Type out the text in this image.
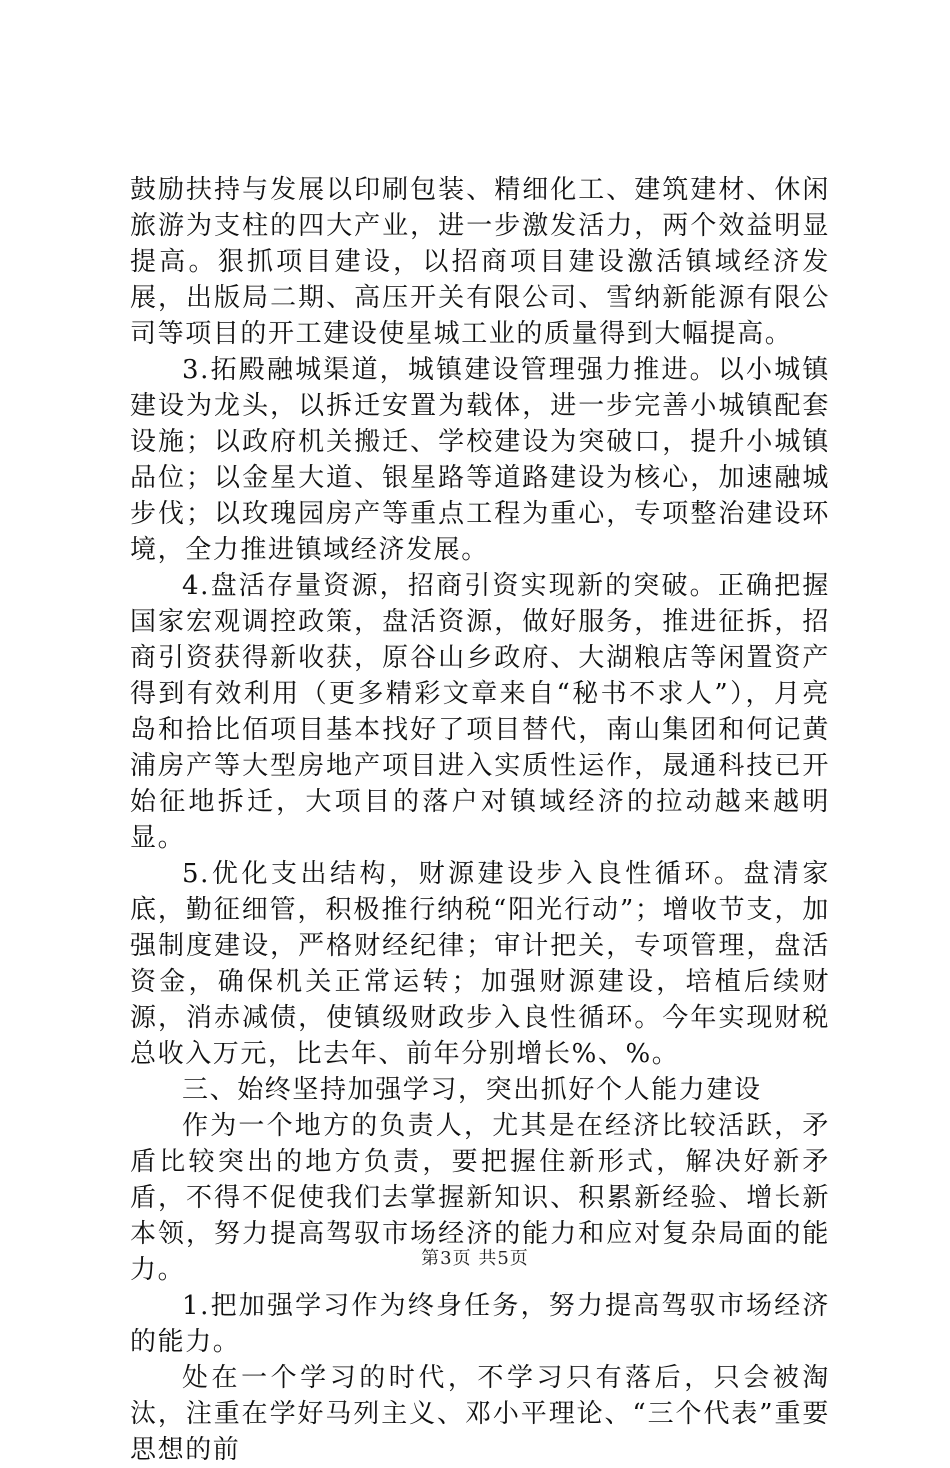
鼓励扶持与发展以印刷包装、精细化工、建筑建材、休闲旅游为支柱的四大产业，进一步激发活力，两个效益明显提高。狠抓项目建设，以招商项目建设激活镇域经济发展，出版局二期、高压开关有限公司、雪纳新能源有限公司等项目的开工建设使星城工业的质量得到大幅提高。

3.拓殿融城渠道，城镇建设管理强力推进。以小城镇建设为龙头，以拆迁安置为载体，进一步完善小城镇配套设施；以政府机关搬迁、学校建设为突破口，提升小城镇品位；以金星大道、银星路等道路建设为核心，加速融城步伐；以玫瑰园房产等重点工程为重心，专项整治建设环境，全力推进镇域经济发展。

4.盘活存量资源，招商引资实现新的突破。正确把握国家宏观调控政策，盘活资源，做好服务，推进征拆，招商引资获得新收获，原谷山乡政府、大湖粮店等闲置资产得到有效利用（更多精彩文章来自“秘书不求人”），月亮岛和拾比佰项目基本找好了项目替代，南山集团和何记黄浦房产等大型房地产项目进入实质性运作，晟通科技已开始征地拆迁，大项目的落户对镇域经济的拉动越来越明显。

5.优化支出结构，财源建设步入良性循环。盘清家底，勤征细管，积极推行纳税“阳光行动”；增收节支，加强制度建设，严格财经纪律；审计把关，专项管理，盘活资金，确保机关正常运转；加强财源建设，培植后续财源，消赤减债，使镇级财政步入良性循环。今年实现财税总收入万元，比去年、前年分别增长%、%。

三、始终坚持加强学习，突出抓好个人能力建设

作为一个地方的负责人，尤其是在经济比较活跃，矛盾比较突出的地方负责，要把握住新形式，解决好新矛盾，不得不促使我们去掌握新知识、积累新经验、增长新本领，努力提高驾驭市场经济的能力和应对复杂局面的能力。

1.把加强学习作为终身任务，努力提高驾驭市场经济的能力。

处在一个学习的时代，不学习只有落后，只会被淘汰，注重在学好马列主义、邓小平理论、“三个代表”重要思想的前

第3页 共5页
